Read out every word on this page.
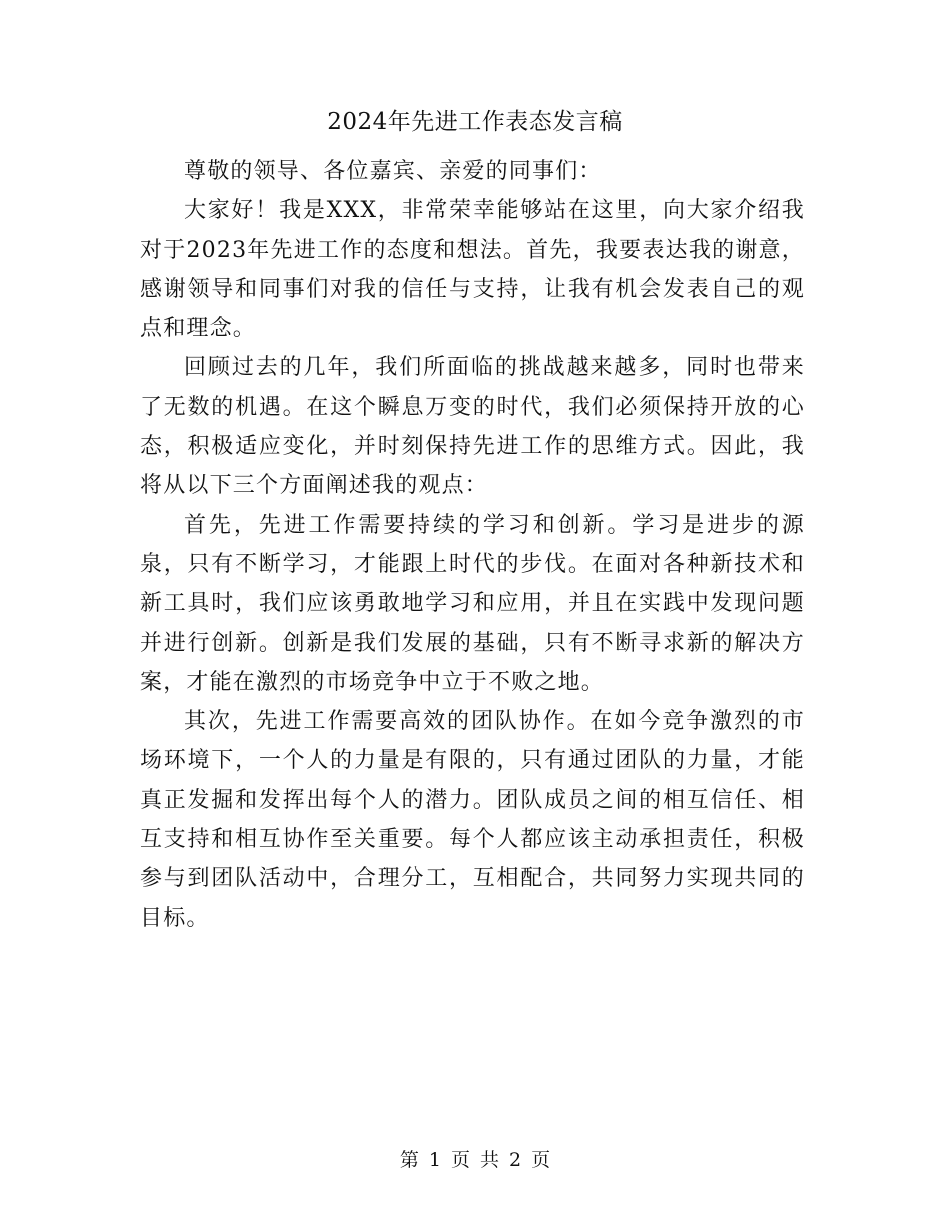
2024年先进工作表态发言稿

尊敬的领导、各位嘉宾、亲爱的同事们：

大家好！我是XXX，非常荣幸能够站在这里，向大家介绍我对于2023年先进工作的态度和想法。首先，我要表达我的谢意，感谢领导和同事们对我的信任与支持，让我有机会发表自己的观点和理念。

回顾过去的几年，我们所面临的挑战越来越多，同时也带来了无数的机遇。在这个瞬息万变的时代，我们必须保持开放的心态，积极适应变化，并时刻保持先进工作的思维方式。因此，我将从以下三个方面阐述我的观点：

首先，先进工作需要持续的学习和创新。学习是进步的源泉，只有不断学习，才能跟上时代的步伐。在面对各种新技术和新工具时，我们应该勇敢地学习和应用，并且在实践中发现问题并进行创新。创新是我们发展的基础，只有不断寻求新的解决方案，才能在激烈的市场竞争中立于不败之地。

其次，先进工作需要高效的团队协作。在如今竞争激烈的市场环境下，一个人的力量是有限的，只有通过团队的力量，才能真正发掘和发挥出每个人的潜力。团队成员之间的相互信任、相互支持和相互协作至关重要。每个人都应该主动承担责任，积极参与到团队活动中，合理分工，互相配合，共同努力实现共同的目标。

第 1 页 共 2 页
